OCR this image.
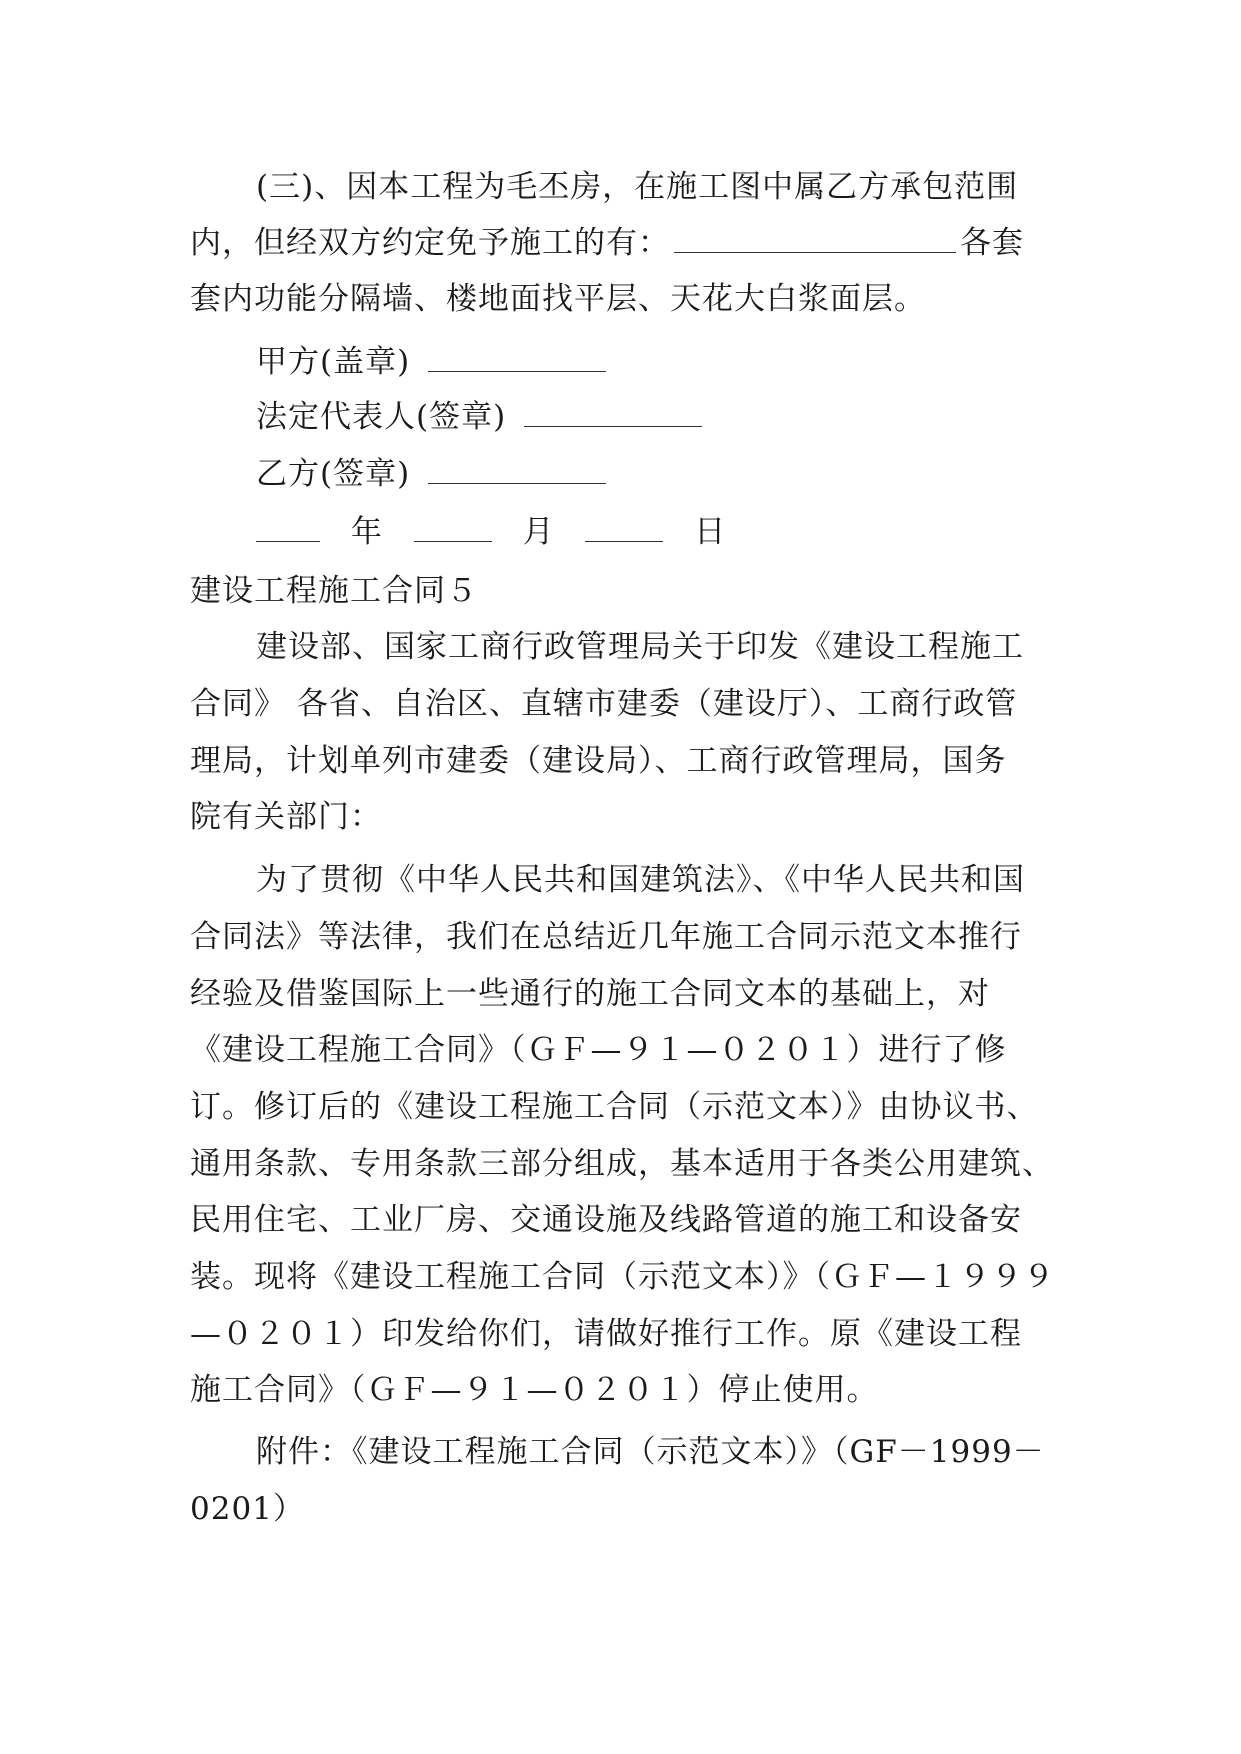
(三)、因本工程为毛丕房，在施工图中属乙方承包范围
内，但经双方约定免予施工的有：	各套
套内功能分隔墙、楼地面找平层、天花大白浆面层。
甲方(盖章)
法定代表人(签章)
乙方(签章)
年	月	日
建设工程施工合同５
建设部、国家工商行政管理局关于印发《建设工程施工
合同》 各省、自治区、直辖市建委（建设厅）、工商行政管
理局，计划单列市建委（建设局）、工商行政管理局，国务
院有关部门：
为了贯彻《中华人民共和国建筑法》、《中华人民共和国
合同法》等法律，我们在总结近几年施工合同示范文本推行
经验及借鉴国际上一些通行的施工合同文本的基础上，对
《建设工程施工合同》（ＧＦ—９１—０２０１）进行了修
订。修订后的《建设工程施工合同（示范文本）》由协议书、
通用条款、专用条款三部分组成，基本适用于各类公用建筑、
民用住宅、工业厂房、交通设施及线路管道的施工和设备安
装。现将《建设工程施工合同（示范文本）》（ＧＦ—１９９９
—０２０１）印发给你们，请做好推行工作。原《建设工程
施工合同》（ＧＦ—９１—０２０１）停止使用。
附件：《建设工程施工合同（示范文本）》（GF－1999－
0201）
